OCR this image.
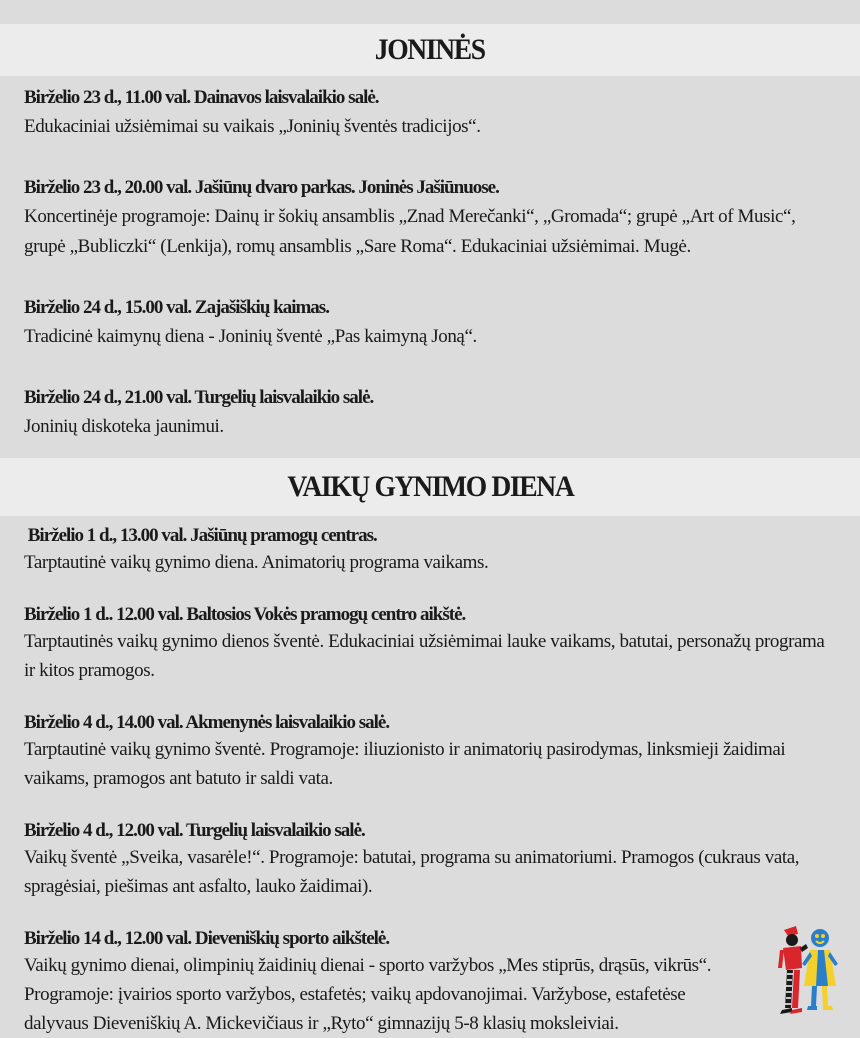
JONINĖS

Birželio 23 d., 11.00 val. Dainavos laisvalaikio salė.

Edukaciniai užsiėmimai su vaikais „Joninių šventės tradicijos“.

Birželio 23 d., 20.00 val. Jašiūnų dvaro parkas. Joninės Jašiūnuose.

Koncertinėje programoje: Dainų ir šokių ansamblis „Znad Merečanki“, „Gromada“; grupė „Art of Music“, grupė „Bubliczki“ (Lenkija), romų ansamblis „Sare Roma“. Edukaciniai užsiėmimai. Mugė.

Birželio 24 d., 15.00 val. Zajašiškių kaimas.

Tradicinė kaimynų diena - Joninių šventė „Pas kaimyną Joną“.

Birželio 24 d., 21.00 val. Turgelių laisvalaikio salė.

Joninių diskoteka jaunimui.

VAIKŲ GYNIMO DIENA

Birželio 1 d., 13.00 val. Jašiūnų pramogų centras.

Tarptautinė vaikų gynimo diena. Animatorių programa vaikams.

Birželio 1 d.. 12.00 val. Baltosios Vokės pramogų centro aikštė.

Tarptautinės vaikų gynimo dienos šventė. Edukaciniai užsiėmimai lauke vaikams, batutai, personažų programa ir kitos pramogos.

Birželio 4 d., 14.00 val. Akmenynės laisvalaikio salė.

Tarptautinė vaikų gynimo šventė. Programoje: iliuzionisto ir animatorių pasirodymas, linksmieji žaidimai vaikams, pramogos ant batuto ir saldi vata.

Birželio 4 d., 12.00 val. Turgelių laisvalaikio salė.

Vaikų šventė „Sveika, vasarėle!“. Programoje: batutai, programa su animatoriumi. Pramogos (cukraus vata, spragėsiai, piešimas ant asfalto, lauko žaidimai).

Birželio 14 d., 12.00 val. Dieveniškių sporto aikštelė.

Vaikų gynimo dienai, olimpinių žaidinių dienai - sporto varžybos „Mes stiprūs, drąsūs, vikrūs“. Programoje: įvairios sporto varžybos, estafetės; vaikų apdovanojimai. Varžybose, estafetėse dalyvaus Dieveniškių A. Mickevičiaus ir „Ryto“ gimnazijų 5-8 klasių moksleiviai.
